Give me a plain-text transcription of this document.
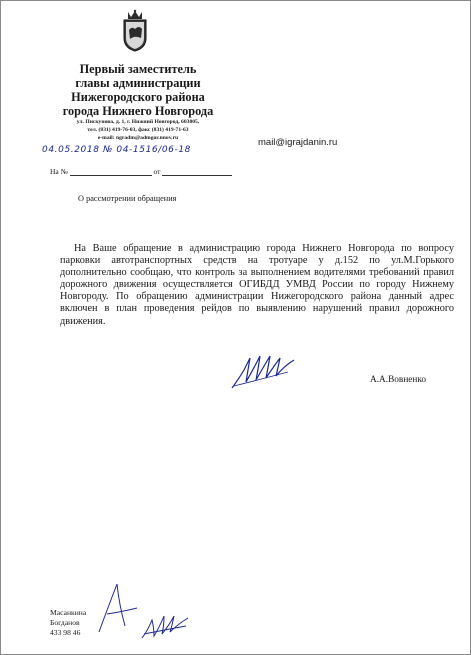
Первый заместитель
главы администрации
Нижегородского района
города Нижнего Новгорода
ул. Пискунова, д. 1, г. Нижний Новгород, 603005,
тел. (831) 419-76-03, факс (831) 419-71-63
e-mail: ngradm@admgor.nnov.ru	mail@igrajdanin.ru
04.05.2018 № 04-1516/06-18
На №	от
О рассмотрении обращения
На Ваше обращение в администрацию города Нижнего Новгорода по вопросу парковки автотранспортных средств на тротуаре у д.152 по ул.М.Горького дополнительно сообщаю, что контроль за выполнением водителями требований правил дорожного движения осуществляется ОГИБДД УМВД России по городу Нижнему Новгороду. По обращению администрации Нижегородского района данный адрес включен в план проведения рейдов по выявлению нарушений правил дорожного движения.
А.А.Вовненко
Масанкина
Богданов
433 98 46
